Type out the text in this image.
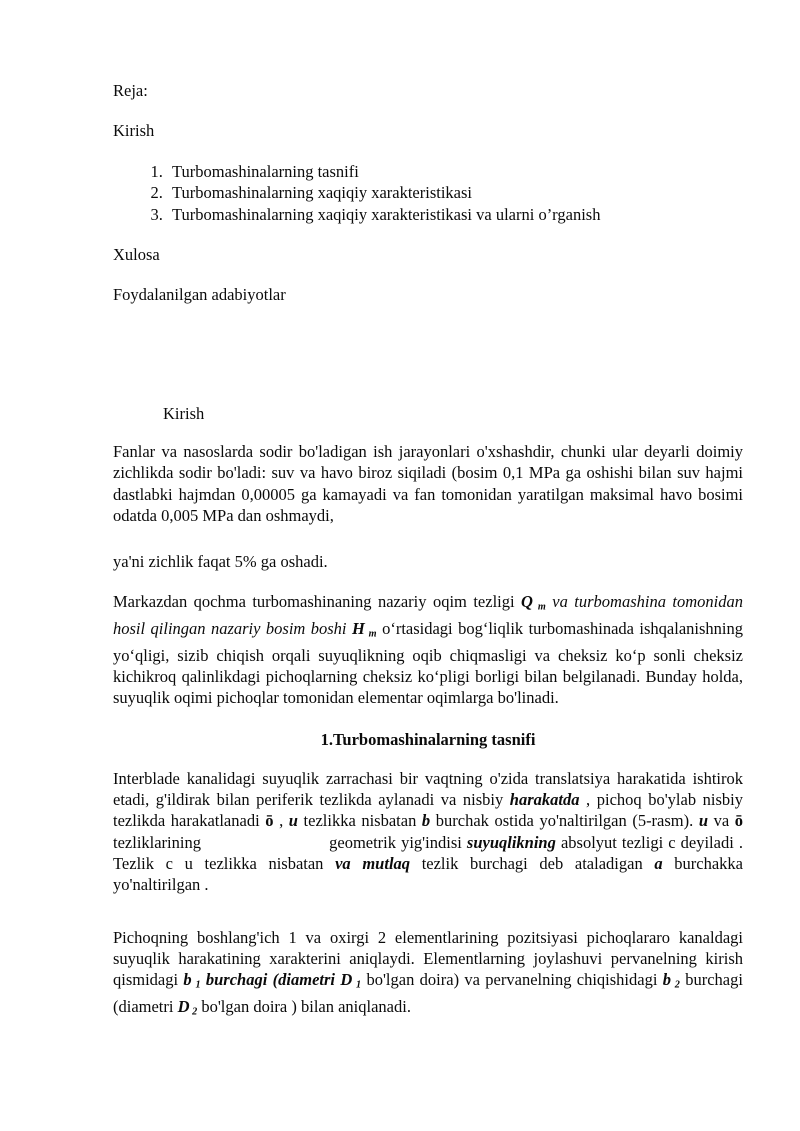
Reja:

Kirish

1. Turbomashinalarning tasnifi
2. Turbomashinalarning xaqiqiy xarakteristikasi
3. Turbomashinalarning xaqiqiy xarakteristikasi va ularni o’rganish

Xulosa

Foydalanilgan adabiyotlar

Kirish

Fanlar va nasoslarda sodir bo'ladigan ish jarayonlari o'xshashdir, chunki ular deyarli doimiy zichlikda sodir bo'ladi: suv va havo biroz siqiladi (bosim 0,1 MPa ga oshishi bilan suv hajmi dastlabki hajmdan 0,00005 ga kamayadi va fan tomonidan yaratilgan maksimal havo bosimi odatda 0,005 MPa dan oshmaydi,

ya'ni zichlik faqat 5% ga oshadi.

Markazdan qochma turbomashinaning nazariy oqim tezligi Q m va turbomashina tomonidan hosil qilingan nazariy bosim boshi H m o‘rtasidagi bog‘liqlik turbomashinada ishqalanishning yo‘qligi, sizib chiqish orqali suyuqlikning oqib chiqmasligi va cheksiz ko‘p sonli cheksiz kichikroq qalinlikdagi pichoqlarning cheksiz ko‘pligi borligi bilan belgilanadi. Bunday holda, suyuqlik oqimi pichoqlar tomonidan elementar oqimlarga bo'linadi.

1.Turbomashinalarning tasnifi

Interblade kanalidagi suyuqlik zarrachasi bir vaqtning o'zida translatsiya harakatida ishtirok etadi, g'ildirak bilan periferik tezlikda aylanadi va nisbiy harakatda , pichoq bo'ylab nisbiy tezlikda harakatlanadi ō , u tezlikka nisbatan b burchak ostida yo'naltirilgan (5-rasm). u va ō tezliklarining	geometrik yig'indisi suyuqlikning absolyut tezligi c deyiladi . Tezlik c u tezlikka nisbatan va mutlaq tezlik burchagi deb ataladigan a burchakka yo'naltirilgan .

Pichoqning boshlang'ich 1 va oxirgi 2 elementlarining pozitsiyasi pichoqlararo kanaldagi suyuqlik harakatining xarakterini aniqlaydi. Elementlarning joylashuvi pervanelning kirish qismidagi b 1 burchagi (diametri D 1 bo'lgan doira) va pervanelning chiqishidagi b 2 burchagi (diametri D 2 bo'lgan doira ) bilan aniqlanadi.
